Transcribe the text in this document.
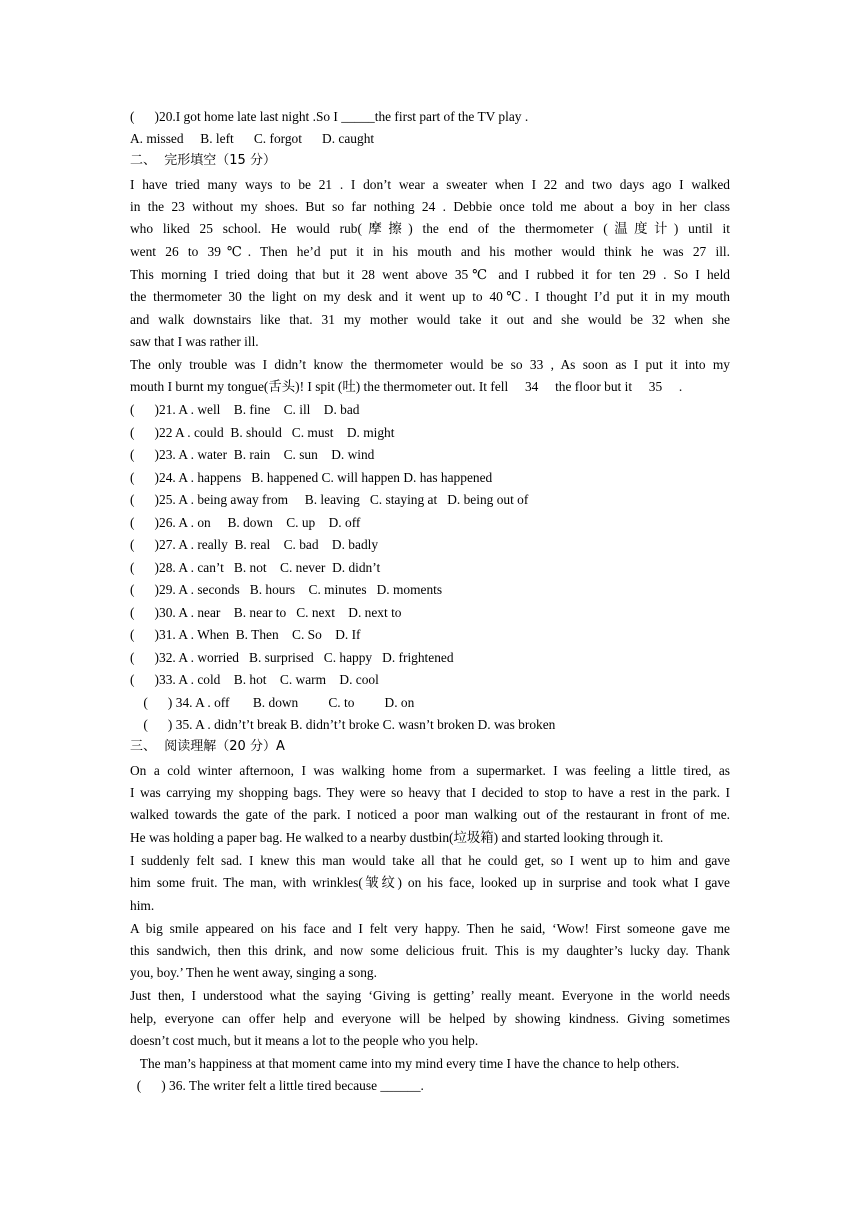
(      )20.I got home late last night .So I _____the first part of the TV play .
A. missed     B. left      C. forgot      D. caught
二、  完形填空（15 分）
I have tried many ways to be 21 . I don’t wear a sweater when I 22 and two days ago I walked
in the 23 without my shoes. But so far nothing 24 . Debbie once told me about a boy in her class
who liked 25 school. He would rub(摩擦) the end of the thermometer (温度计) until it
went 26 to 39℃. Then he’d put it in his mouth and his mother would think he was 27 ill.
This morning I tried doing that but it 28 went above 35℃ and I rubbed it for ten 29 . So I held
the thermometer 30 the light on my desk and it went up to 40℃. I thought I’d put it in my mouth
and walk downstairs like that. 31 my mother would take it out and she would be 32 when she
saw that I was rather ill.
The only trouble was I didn’t know the thermometer would be so 33 , As soon as I put it into my
mouth I burnt my tongue(舌头)! I spit (吐) the thermometer out. It fell     34     the floor but it     35     .
(      )21. A . well    B. fine    C. ill    D. bad
(      )22 A . could  B. should   C. must    D. might
(      )23. A . water  B. rain    C. sun    D. wind
(      )24. A . happens   B. happened C. will happen D. has happened
(      )25. A . being away from     B. leaving   C. staying at   D. being out of
(      )26. A . on     B. down    C. up    D. off
(      )27. A . really  B. real    C. bad    D. badly
(      )28. A . can’t   B. not    C. never  D. didn’t
(      )29. A . seconds   B. hours    C. minutes   D. moments
(      )30. A . near    B. near to   C. next    D. next to
(      )31. A . When  B. Then    C. So    D. If
(      )32. A . worried   B. surprised   C. happy   D. frightened
(      )33. A . cold    B. hot    C. warm    D. cool
(      ) 34. A . off       B. down         C. to         D. on
(      ) 35. A . didn’t’t break B. didn’t’t broke C. wasn’t broken D. was broken
三、  阅读理解（20 分）A
On a cold winter afternoon, I was walking home from a supermarket. I was feeling a little tired, as
I was carrying my shopping bags. They were so heavy that I decided to stop to have a rest in the park. I
walked towards the gate of the park. I noticed a poor man walking out of the restaurant in front of me.
He was holding a paper bag. He walked to a nearby dustbin(垃圾箱) and started looking through it.
I suddenly felt sad. I knew this man would take all that he could get, so I went up to him and gave
him some fruit. The man, with wrinkles(皱纹) on his face, looked up in surprise and took what I gave
him.
A big smile appeared on his face and I felt very happy. Then he said, ‘Wow! First someone gave me
this sandwich, then this drink, and now some delicious fruit. This is my daughter’s lucky day. Thank
you, boy.’ Then he went away, singing a song.
Just then, I understood what the saying ‘Giving is getting’ really meant. Everyone in the world needs
help, everyone can offer help and everyone will be helped by showing kindness. Giving sometimes
doesn’t cost much, but it means a lot to the people who you help.
The man’s happiness at that moment came into my mind every time I have the chance to help others.
(      ) 36. The writer felt a little tired because ______.
